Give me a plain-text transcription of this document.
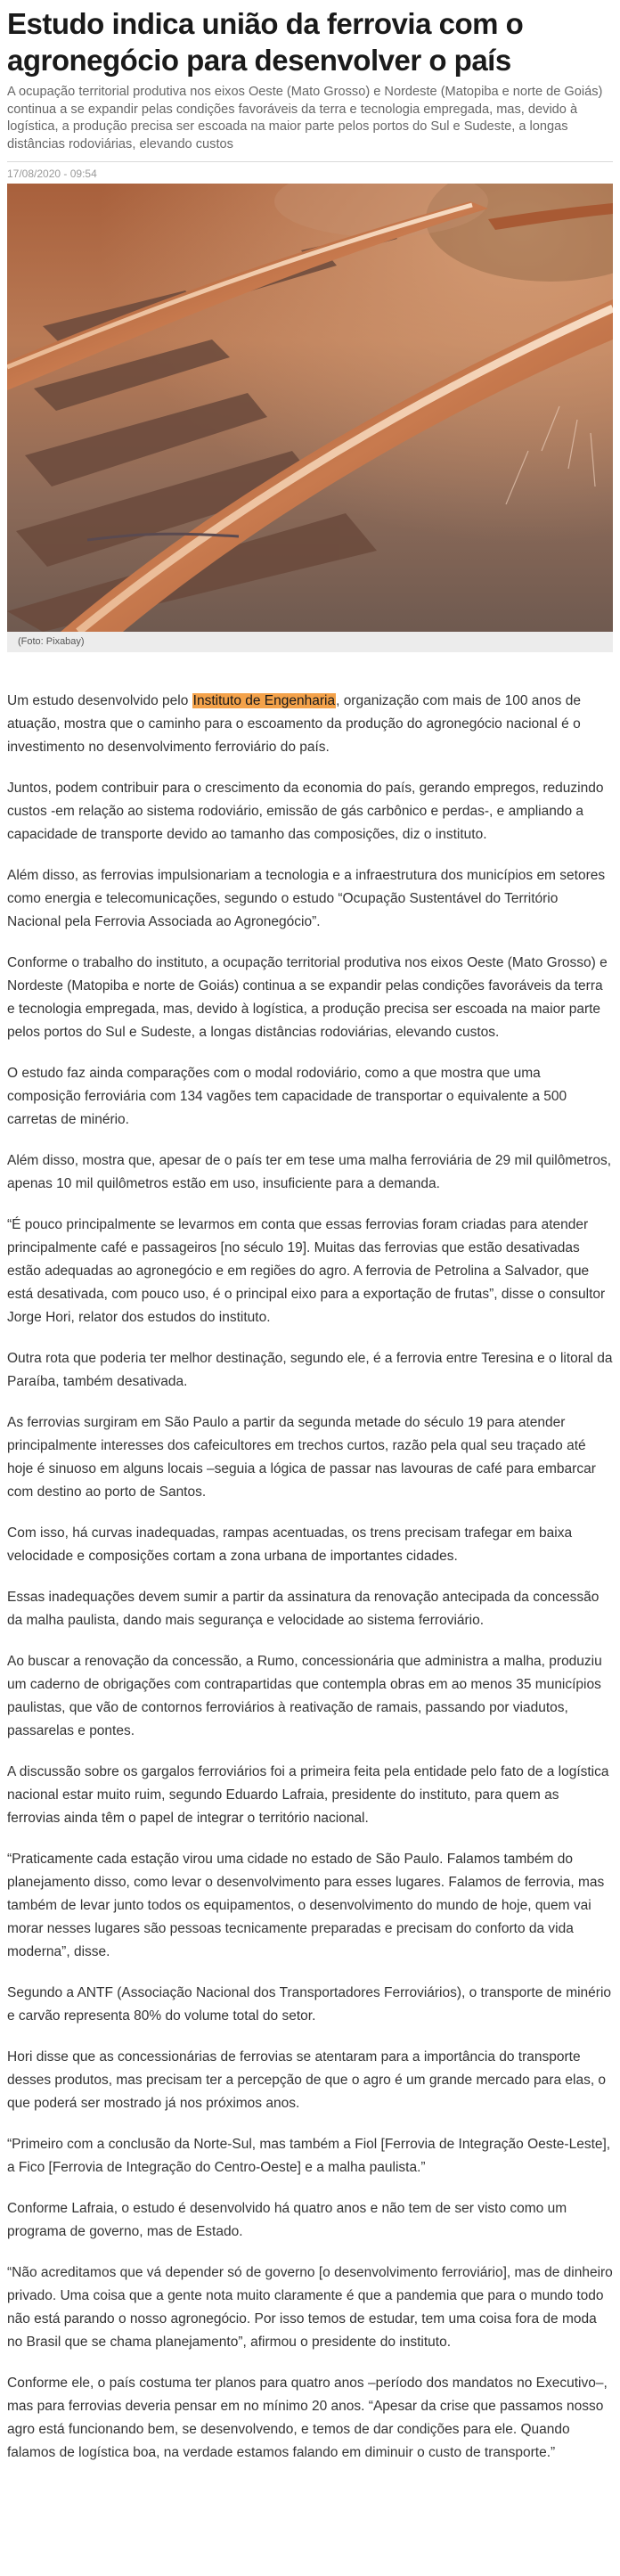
Estudo indica união da ferrovia com o agronegócio para desenvolver o país

A ocupação territorial produtiva nos eixos Oeste (Mato Grosso) e Nordeste (Matopiba e norte de Goiás) continua a se expandir pelas condições favoráveis da terra e tecnologia empregada, mas, devido à logística, a produção precisa ser escoada na maior parte pelos portos do Sul e Sudeste, a longas distâncias rodoviárias, elevando custos

17/08/2020 - 09:54
(Foto: Pixabay)

Um estudo desenvolvido pelo Instituto de Engenharia, organização com mais de 100 anos de atuação, mostra que o caminho para o escoamento da produção do agronegócio nacional é o investimento no desenvolvimento ferroviário do país.

Juntos, podem contribuir para o crescimento da economia do país, gerando empregos, reduzindo custos -em relação ao sistema rodoviário, emissão de gás carbônico e perdas-, e ampliando a capacidade de transporte devido ao tamanho das composições, diz o instituto.

Além disso, as ferrovias impulsionariam a tecnologia e a infraestrutura dos municípios em setores como energia e telecomunicações, segundo o estudo “Ocupação Sustentável do Território Nacional pela Ferrovia Associada ao Agronegócio”.

Conforme o trabalho do instituto, a ocupação territorial produtiva nos eixos Oeste (Mato Grosso) e Nordeste (Matopiba e norte de Goiás) continua a se expandir pelas condições favoráveis da terra e tecnologia empregada, mas, devido à logística, a produção precisa ser escoada na maior parte pelos portos do Sul e Sudeste, a longas distâncias rodoviárias, elevando custos.

O estudo faz ainda comparações com o modal rodoviário, como a que mostra que uma composição ferroviária com 134 vagões tem capacidade de transportar o equivalente a 500 carretas de minério.

Além disso, mostra que, apesar de o país ter em tese uma malha ferroviária de 29 mil quilômetros, apenas 10 mil quilômetros estão em uso, insuficiente para a demanda.

“É pouco principalmente se levarmos em conta que essas ferrovias foram criadas para atender principalmente café e passageiros [no século 19]. Muitas das ferrovias que estão desativadas estão adequadas ao agronegócio e em regiões do agro. A ferrovia de Petrolina a Salvador, que está desativada, com pouco uso, é o principal eixo para a exportação de frutas”, disse o consultor Jorge Hori, relator dos estudos do instituto.

Outra rota que poderia ter melhor destinação, segundo ele, é a ferrovia entre Teresina e o litoral da Paraíba, também desativada.

As ferrovias surgiram em São Paulo a partir da segunda metade do século 19 para atender principalmente interesses dos cafeicultores em trechos curtos, razão pela qual seu traçado até hoje é sinuoso em alguns locais –seguia a lógica de passar nas lavouras de café para embarcar com destino ao porto de Santos.

Com isso, há curvas inadequadas, rampas acentuadas, os trens precisam trafegar em baixa velocidade e composições cortam a zona urbana de importantes cidades.

Essas inadequações devem sumir a partir da assinatura da renovação antecipada da concessão da malha paulista, dando mais segurança e velocidade ao sistema ferroviário.

Ao buscar a renovação da concessão, a Rumo, concessionária que administra a malha, produziu um caderno de obrigações com contrapartidas que contempla obras em ao menos 35 municípios paulistas, que vão de contornos ferroviários à reativação de ramais, passando por viadutos, passarelas e pontes.

A discussão sobre os gargalos ferroviários foi a primeira feita pela entidade pelo fato de a logística nacional estar muito ruim, segundo Eduardo Lafraia, presidente do instituto, para quem as ferrovias ainda têm o papel de integrar o território nacional.

“Praticamente cada estação virou uma cidade no estado de São Paulo. Falamos também do planejamento disso, como levar o desenvolvimento para esses lugares. Falamos de ferrovia, mas também de levar junto todos os equipamentos, o desenvolvimento do mundo de hoje, quem vai morar nesses lugares são pessoas tecnicamente preparadas e precisam do conforto da vida moderna”, disse.

Segundo a ANTF (Associação Nacional dos Transportadores Ferroviários), o transporte de minério e carvão representa 80% do volume total do setor.

Hori disse que as concessionárias de ferrovias se atentaram para a importância do transporte desses produtos, mas precisam ter a percepção de que o agro é um grande mercado para elas, o que poderá ser mostrado já nos próximos anos.

“Primeiro com a conclusão da Norte-Sul, mas também a Fiol [Ferrovia de Integração Oeste-Leste], a Fico [Ferrovia de Integração do Centro-Oeste] e a malha paulista.”

Conforme Lafraia, o estudo é desenvolvido há quatro anos e não tem de ser visto como um programa de governo, mas de Estado.

“Não acreditamos que vá depender só de governo [o desenvolvimento ferroviário], mas de dinheiro privado. Uma coisa que a gente nota muito claramente é que a pandemia que para o mundo todo não está parando o nosso agronegócio. Por isso temos de estudar, tem uma coisa fora de moda no Brasil que se chama planejamento”, afirmou o presidente do instituto.

Conforme ele, o país costuma ter planos para quatro anos –período dos mandatos no Executivo–, mas para ferrovias deveria pensar em no mínimo 20 anos. “Apesar da crise que passamos nosso agro está funcionando bem, se desenvolvendo, e temos de dar condições para ele. Quando falamos de logística boa, na verdade estamos falando em diminuir o custo de transporte.”
